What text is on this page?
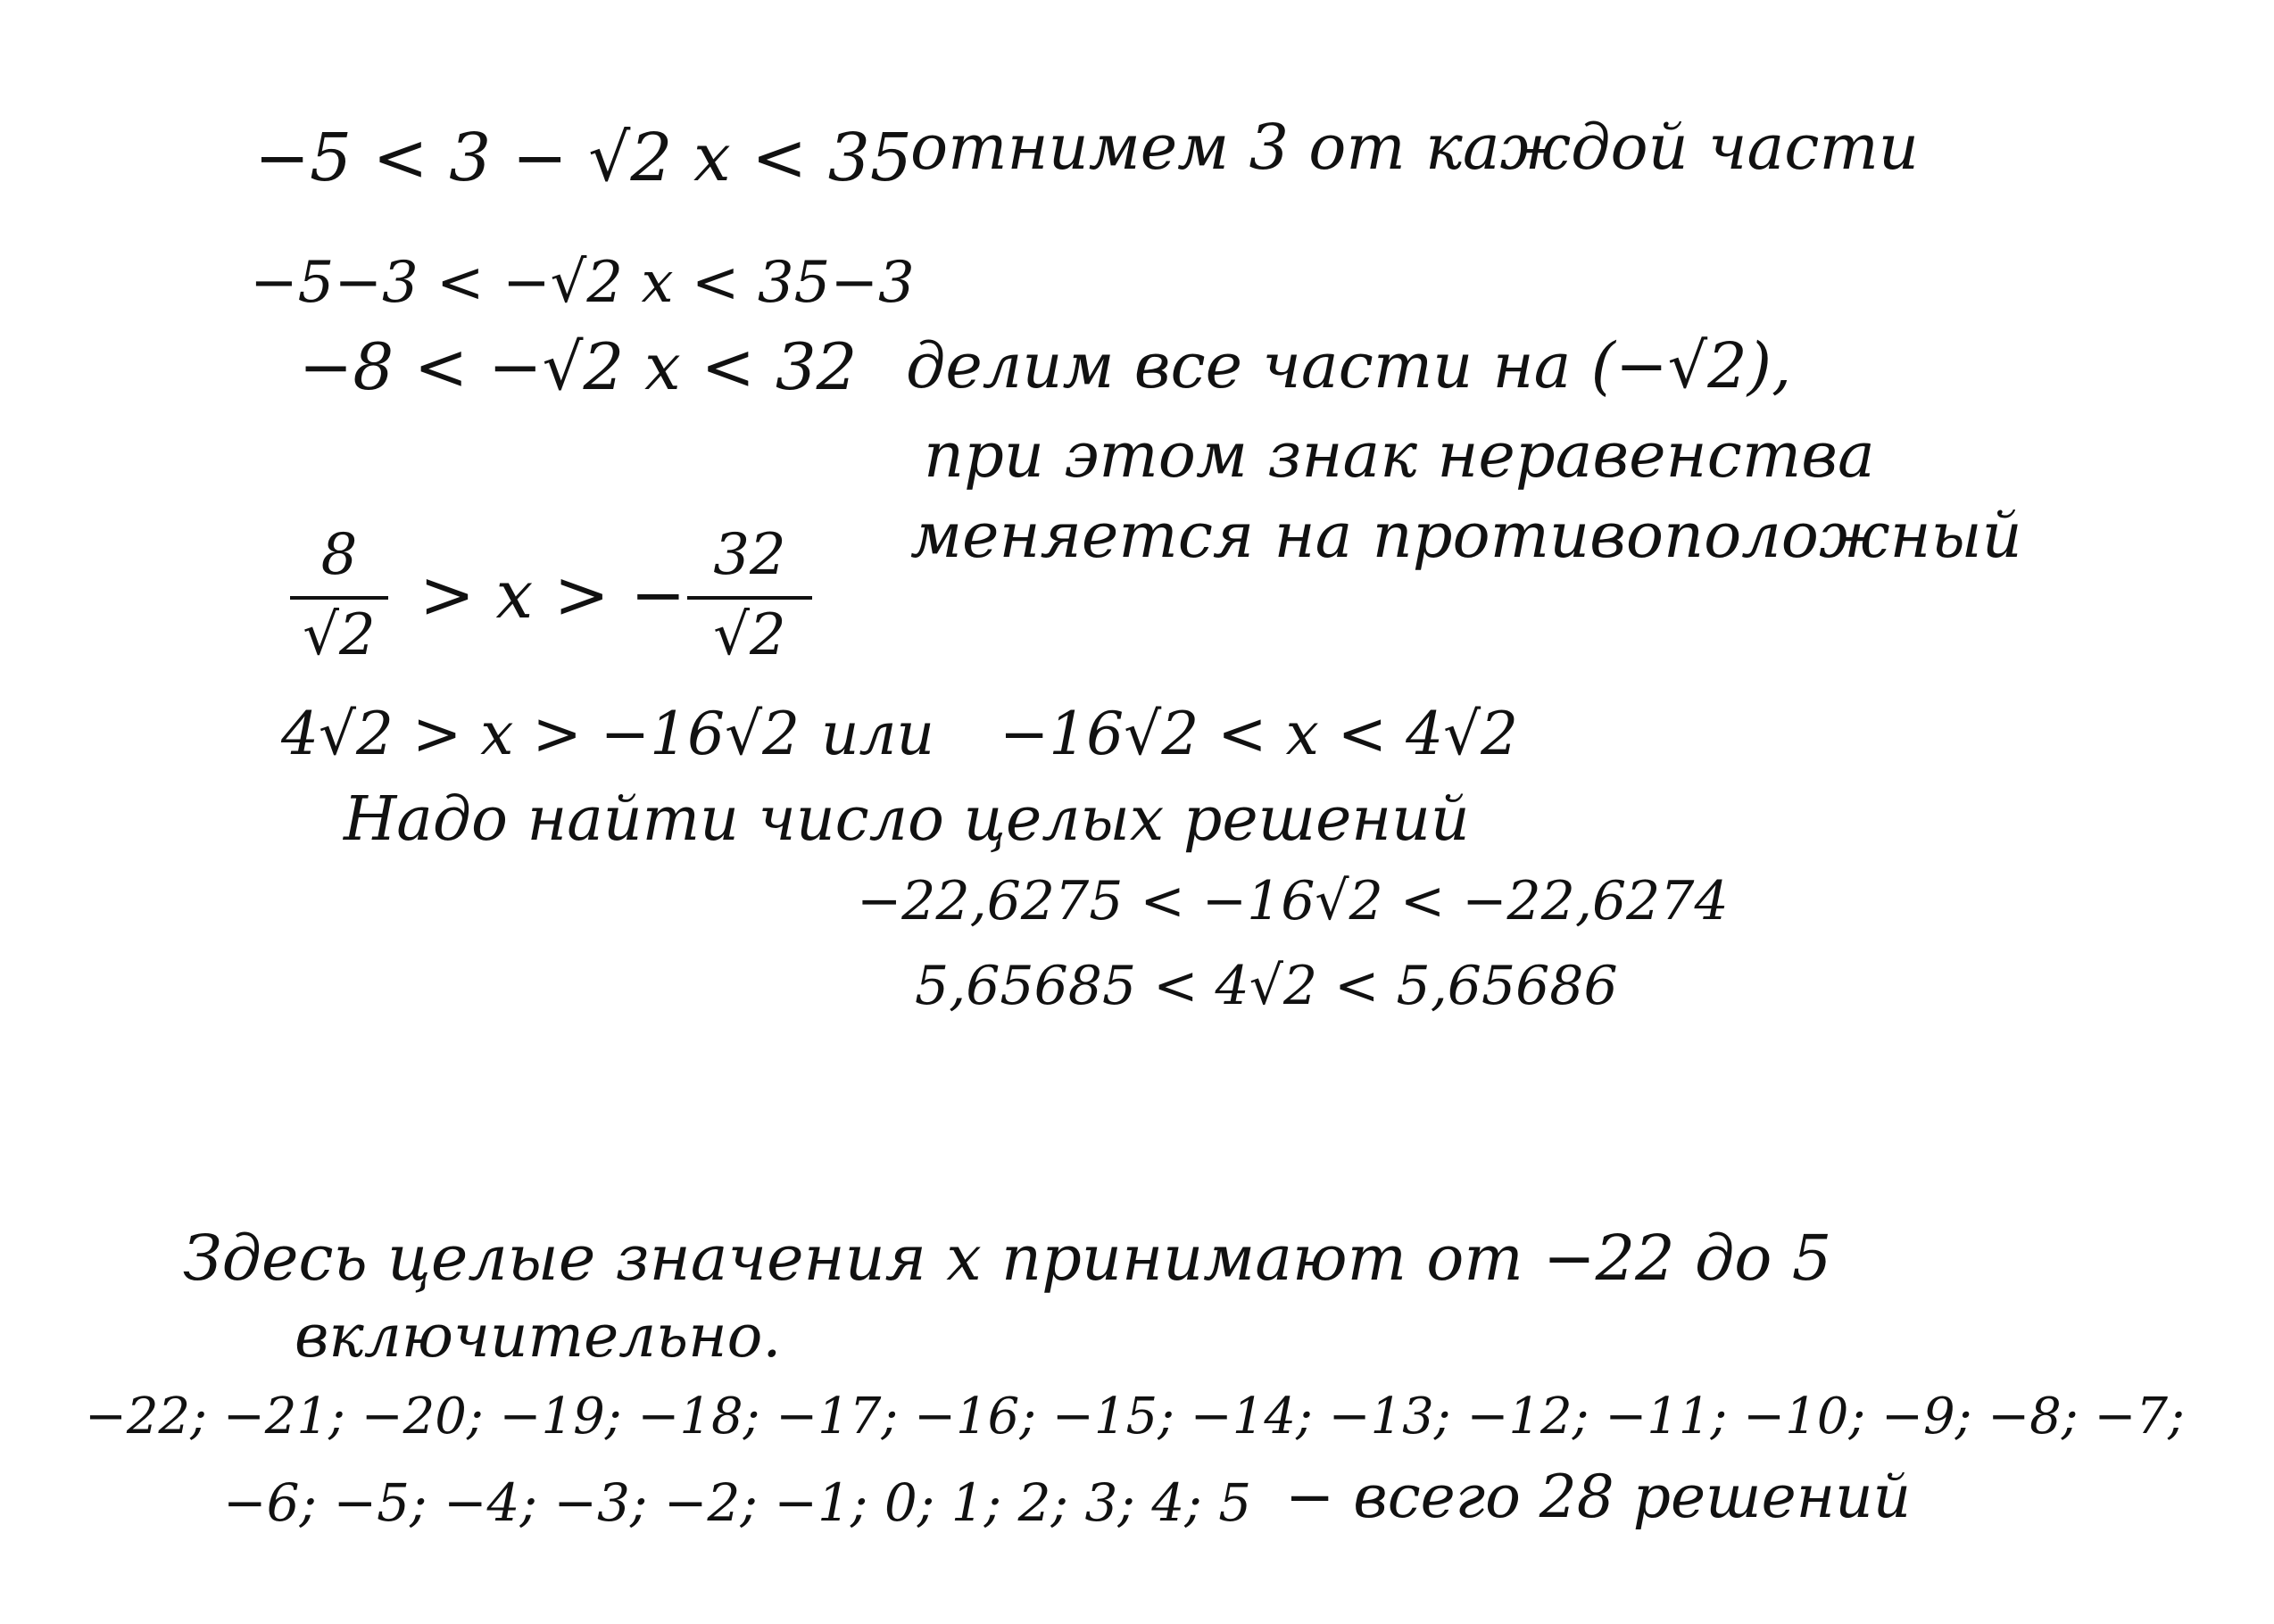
−5 < 3 − √2 x < 35
отнимем 3 от каждой части
−5−3 < −√2 x < 35−3
−8 < −√2 x < 32 делим все части на (−√2),
при этом знак неравенства
меняется на противоположный
8
√2
> x > −
32
√2
4√2 > x > −16√2 или −16√2 < x < 4√2
Надо найти число целых решений
−22,6275 < −16√2 < −22,6274
5,65685 < 4√2 < 5,65686
Здесь целые значения x принимают от −22 до 5
включительно.
−22; −21; −20; −19; −18; −17; −16; −15; −14; −13; −12; −11; −10; −9; −8; −7;
−6; −5; −4; −3; −2; −1; 0; 1; 2; 3; 4; 5 − всего 28 решений
